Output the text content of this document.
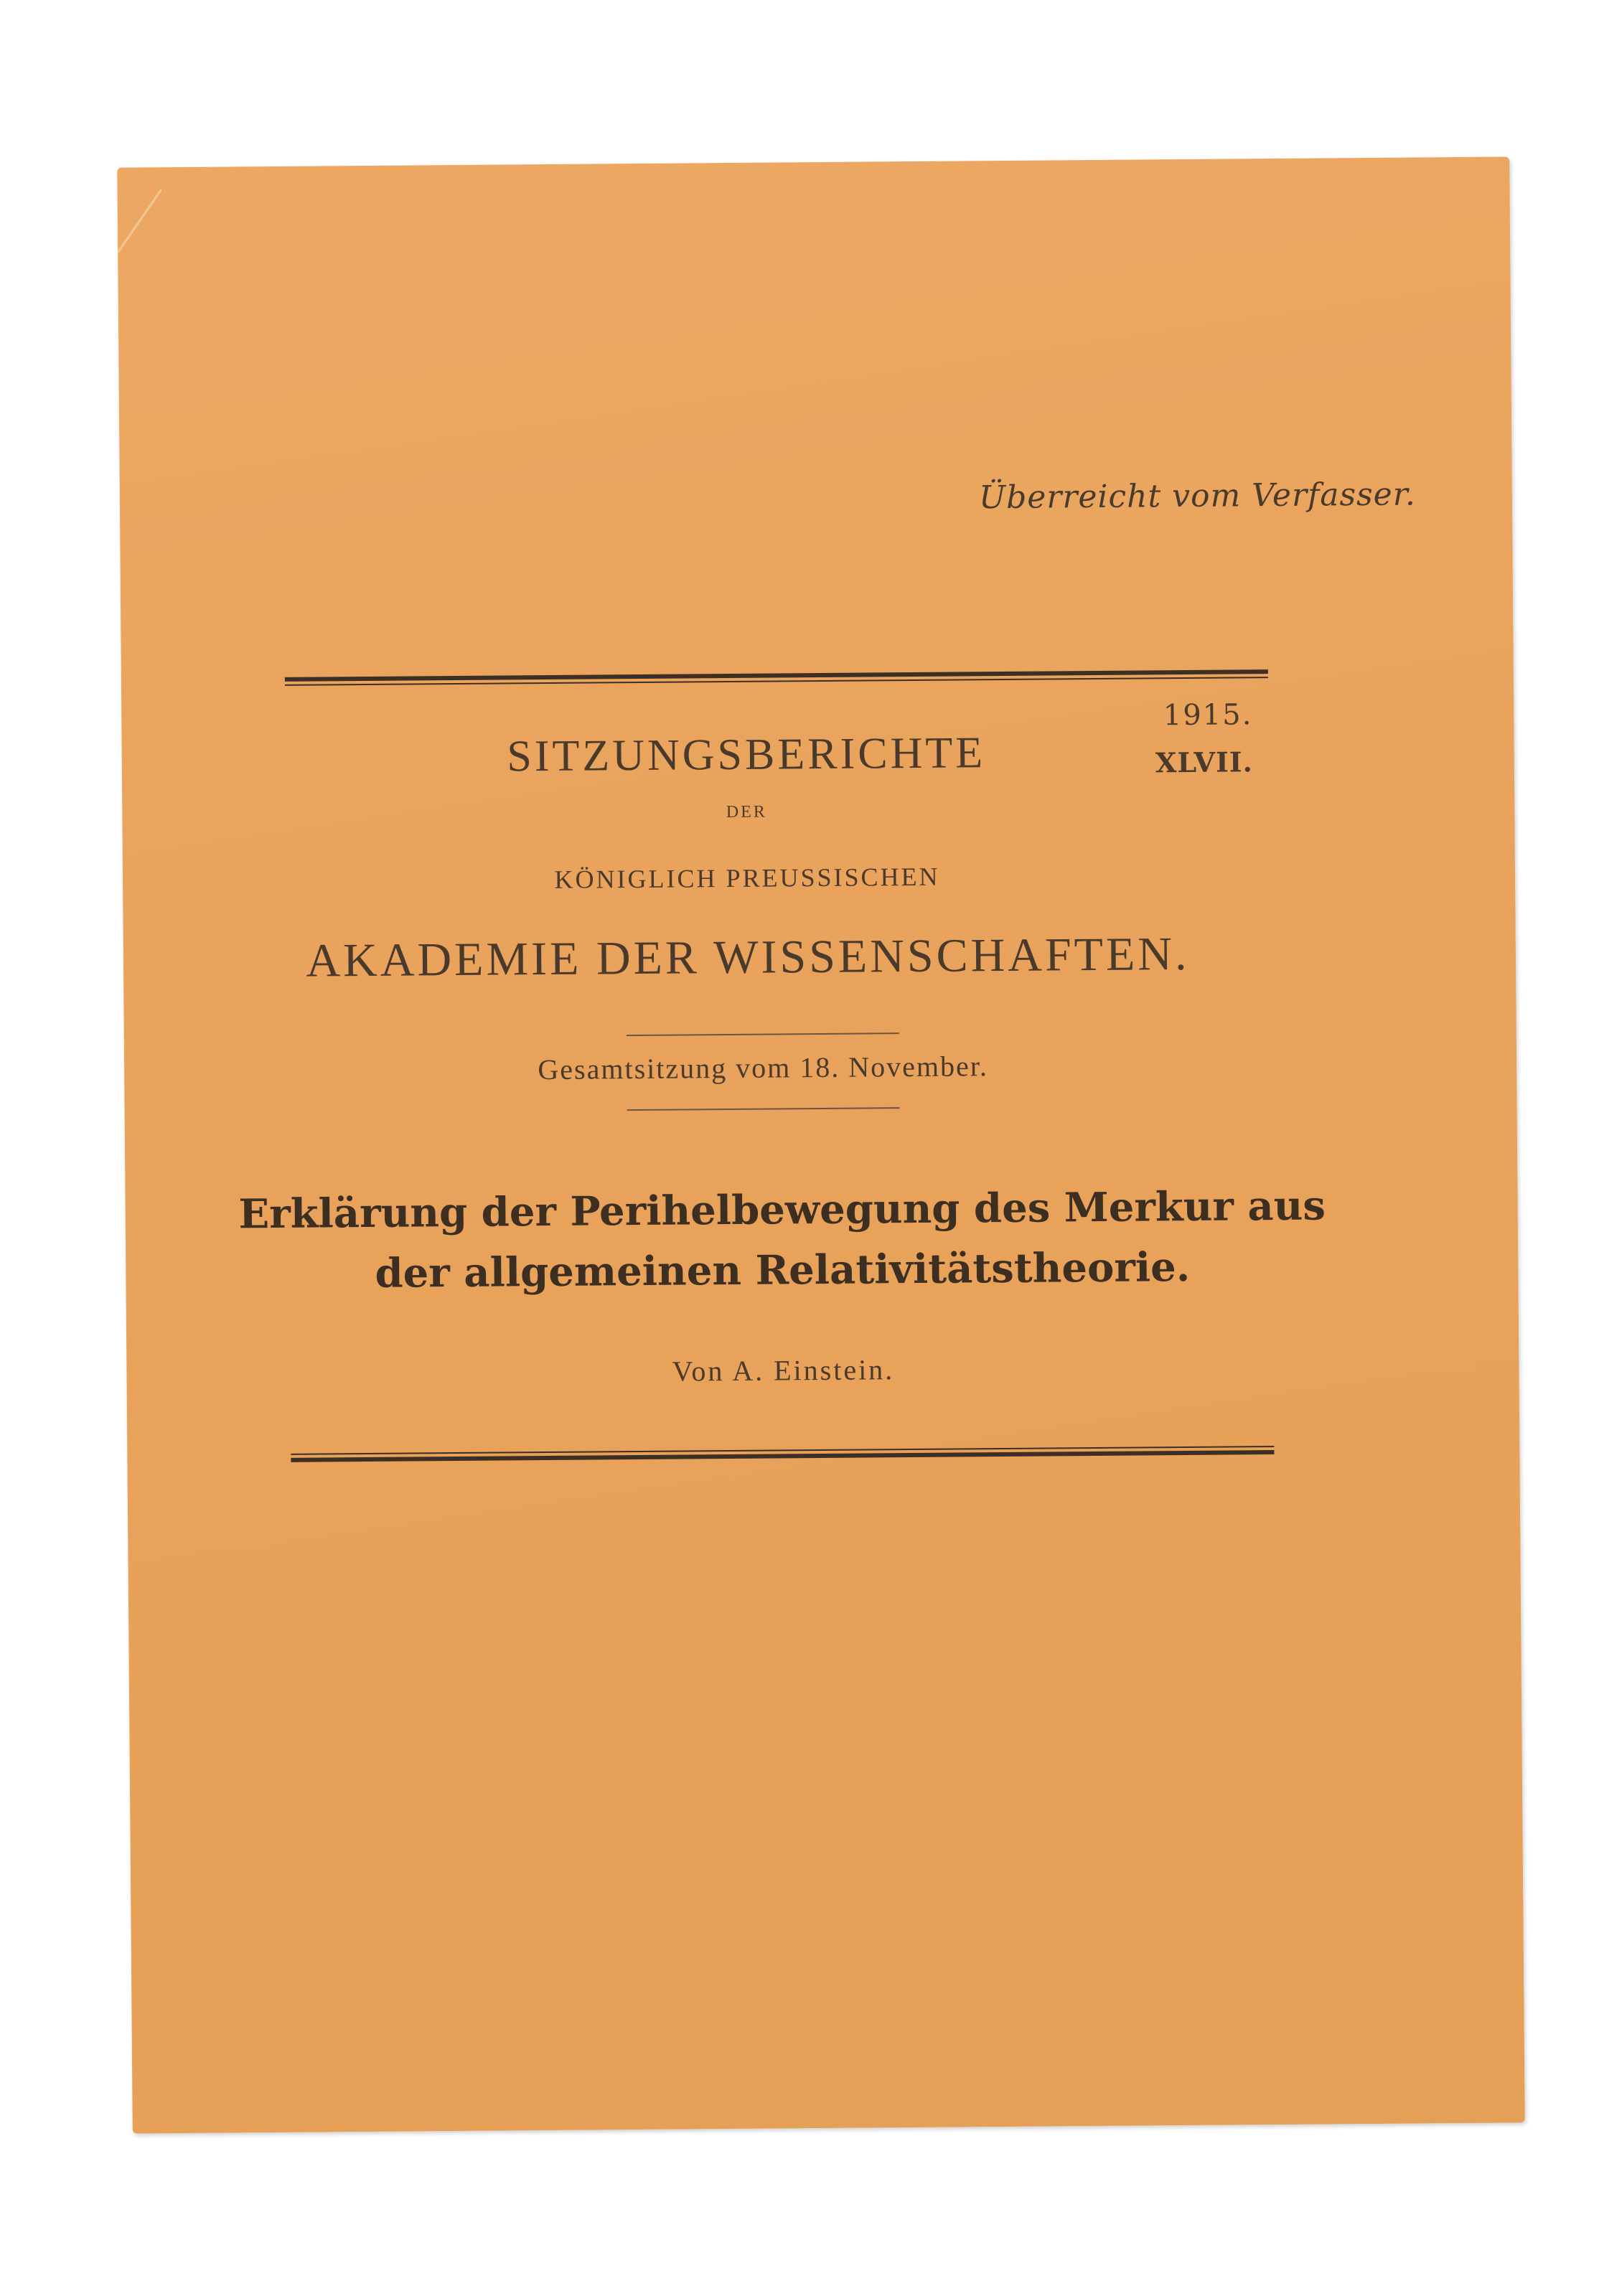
Überreicht vom Verfasser.
1915.
XLVII.
SITZUNGSBERICHTE
DER
KÖNIGLICH PREUSSISCHEN
AKADEMIE DER WISSENSCHAFTEN.
Gesamtsitzung vom 18. November.
Erklärung der Perihelbewegung des Merkur aus
der allgemeinen Relativitätstheorie.
Von A. Einstein.
